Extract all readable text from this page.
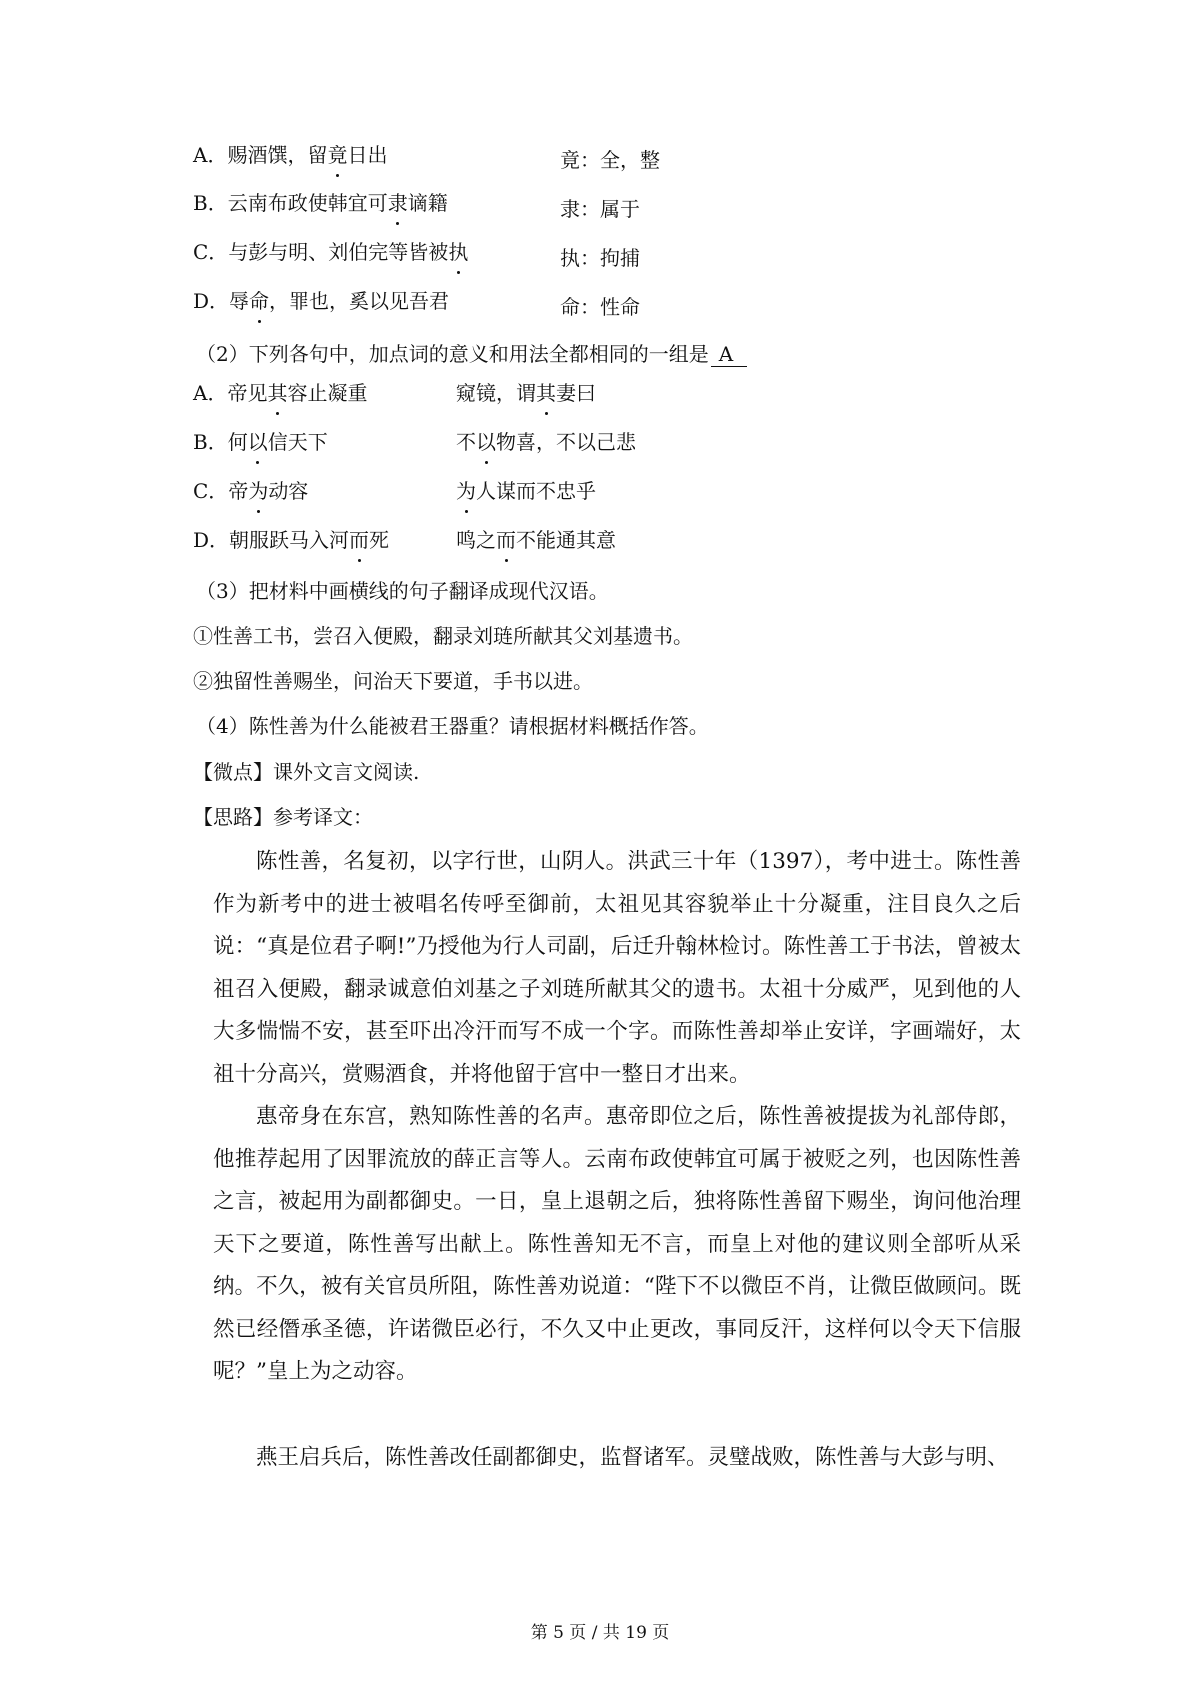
A．赐酒馔，留竟日出	竟：全，整
B．云南布政使韩宜可隶谪籍	隶：属于
C．与彭与明、刘伯完等皆被执	执：拘捕
D．辱命，罪也，奚以见吾君	命：性命
（2）下列各句中，加点词的意义和用法全都相同的一组是 A
A．帝见其容止凝重	窥镜，谓其妻曰
B．何以信天下	不以物喜，不以己悲
C．帝为动容	为人谋而不忠乎
D．朝服跃马入河而死	鸣之而不能通其意
（3）把材料中画横线的句子翻译成现代汉语。
①性善工书，尝召入便殿，翻录刘琏所献其父刘基遗书。
②独留性善赐坐，问治天下要道，手书以进。
（4）陈性善为什么能被君王器重？请根据材料概括作答。
【微点】课外文言文阅读.
【思路】参考译文：
陈性善，名复初，以字行世，山阴人。洪武三十年（1397），考中进士。陈性善作为新考中的进士被唱名传呼至御前，太祖见其容貌举止十分凝重，注目良久之后说：“真是位君子啊!”乃授他为行人司副，后迁升翰林检讨。陈性善工于书法，曾被太祖召入便殿，翻录诚意伯刘基之子刘琏所献其父的遗书。太祖十分威严，见到他的人大多惴惴不安，甚至吓出冷汗而写不成一个字。而陈性善却举止安详，字画端好，太祖十分高兴，赏赐酒食，并将他留于宫中一整日才出来。
惠帝身在东宫，熟知陈性善的名声。惠帝即位之后，陈性善被提拔为礼部侍郎，他推荐起用了因罪流放的薛正言等人。云南布政使韩宜可属于被贬之列，也因陈性善之言，被起用为副都御史。一日，皇上退朝之后，独将陈性善留下赐坐，询问他治理天下之要道，陈性善写出献上。陈性善知无不言，而皇上对他的建议则全部听从采纳。不久，被有关官员所阻，陈性善劝说道：“陛下不以微臣不肖，让微臣做顾问。既然已经僭承圣德，许诺微臣必行，不久又中止更改，事同反汗，这样何以令天下信服呢？”皇上为之动容。
燕王启兵后，陈性善改任副都御史，监督诸军。灵璧战败，陈性善与大彭与明、
第 5 页 / 共 19 页
